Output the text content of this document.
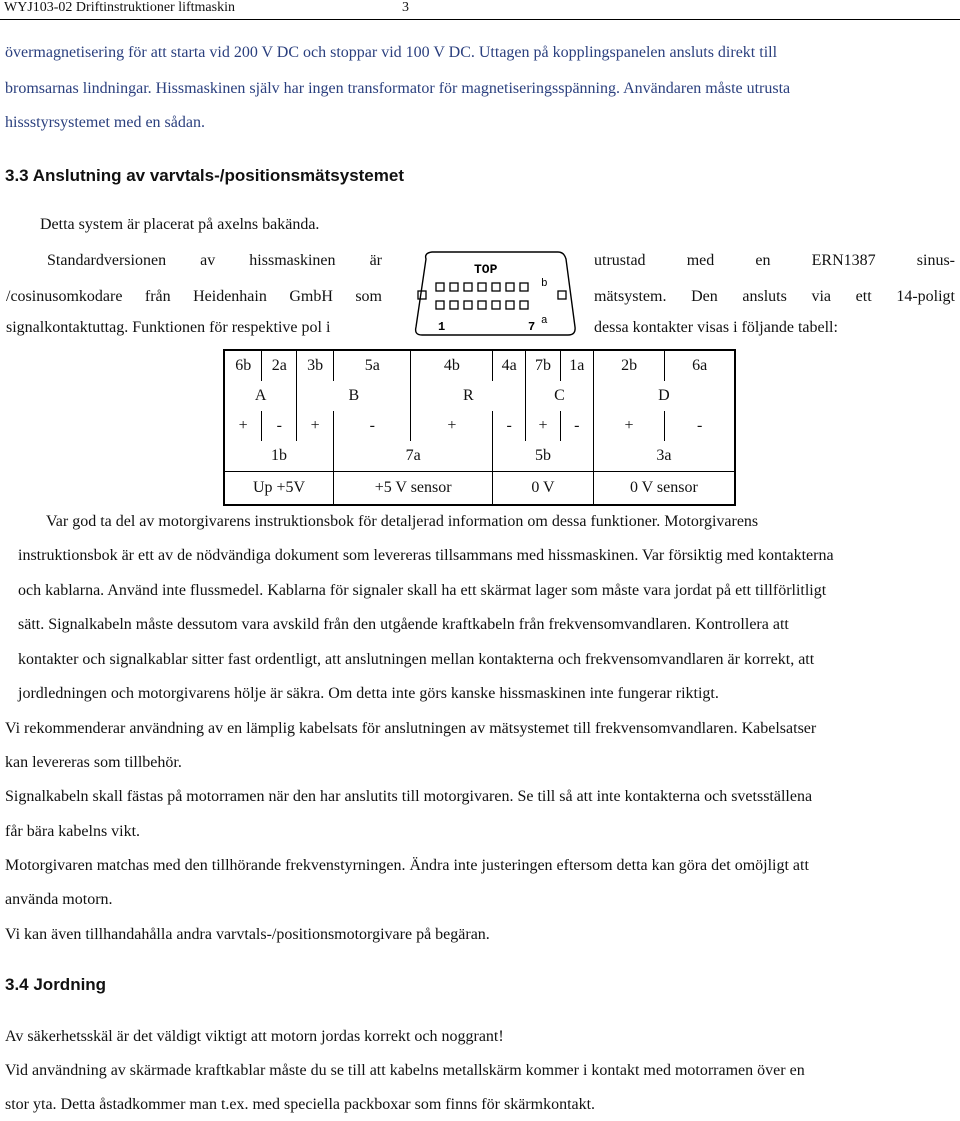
WYJ103-02 Driftinstruktioner liftmaskin	3

övermagnetisering för att starta vid 200 V DC och stoppar vid 100 V DC. Uttagen på kopplingspanelen ansluts direkt till

bromsarnas lindningar. Hissmaskinen själv har ingen transformator för magnetiseringsspänning. Användaren måste utrusta

hissstyrsystemet med en sådan.

3.3 Anslutning av varvtals-/positionsmätsystemet

Detta system är placerat på axelns bakända.

Standardversionen av hissmaskinen är

/cosinusomkodare från Heidenhain GmbH som

signalkontaktuttag. Funktionen för respektive pol i

utrustad med en ERN1387 sinus-

mätsystem. Den ansluts via ett 14-poligt

dessa kontakter visas i följande tabell:

TOP
b
a
1	7
6b	2a	3b	5a	4b	4a	7b	1a	2b	6a
A		B		R		C		D	
+	-	+	-	+	-	+	-	+	-
1b			7a		5b			3a	
Up +5V			+5 V sensor		0 V			0 V sensor	

Var god ta del av motorgivarens instruktionsbok för detaljerad information om dessa funktioner. Motorgivarens

instruktionsbok är ett av de nödvändiga dokument som levereras tillsammans med hissmaskinen. Var försiktig med kontakterna

och kablarna. Använd inte flussmedel. Kablarna för signaler skall ha ett skärmat lager som måste vara jordat på ett tillförlitligt

sätt. Signalkabeln måste dessutom vara avskild från den utgående kraftkabeln från frekvensomvandlaren. Kontrollera att

kontakter och signalkablar sitter fast ordentligt, att anslutningen mellan kontakterna och frekvensomvandlaren är korrekt, att

jordledningen och motorgivarens hölje är säkra. Om detta inte görs kanske hissmaskinen inte fungerar riktigt.

Vi rekommenderar användning av en lämplig kabelsats för anslutningen av mätsystemet till frekvensomvandlaren. Kabelsatser

kan levereras som tillbehör.

Signalkabeln skall fästas på motorramen när den har anslutits till motorgivaren. Se till så att inte kontakterna och svetsställena

får bära kabelns vikt.

Motorgivaren matchas med den tillhörande frekvenstyrningen. Ändra inte justeringen eftersom detta kan göra det omöjligt att

använda motorn.

Vi kan även tillhandahålla andra varvtals-/positionsmotorgivare på begäran.

3.4 Jordning

Av säkerhetsskäl är det väldigt viktigt att motorn jordas korrekt och noggrant!

Vid användning av skärmade kraftkablar måste du se till att kabelns metallskärm kommer i kontakt med motorramen över en

stor yta. Detta åstadkommer man t.ex. med speciella packboxar som finns för skärmkontakt.
